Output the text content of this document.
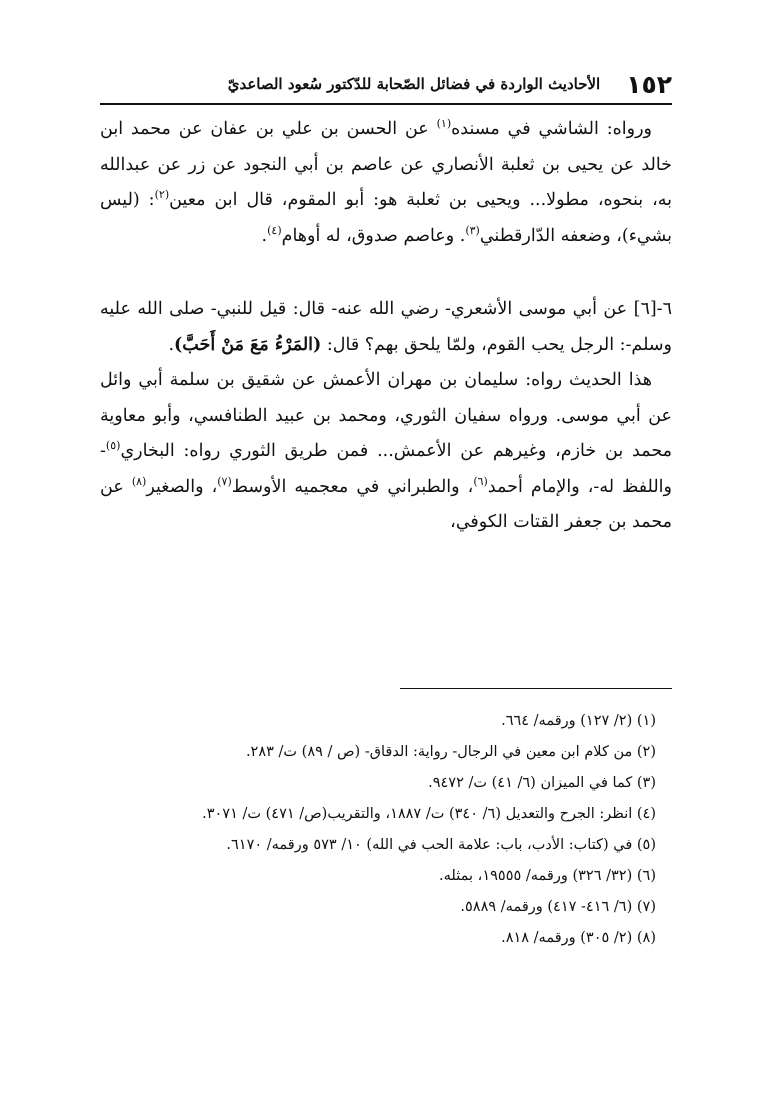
١٥٢
الأحاديث الواردة في فضائل الصّحابة للدّكتور سُعود الصاعديّ

ورواه: الشاشي في مسنده$^{(١)}$ عن الحسن بن علي بن عفان عن محمد ابن خالد عن يحيى بن ثعلبة الأنصاري عن عاصم بن أبي النجود عن زر عن عبدالله به، بنحوه، مطولا... ويحيى بن ثعلبة هو: أبو المقوم، قال ابن معين$^{(٢)}$: (ليس بشيء)، وضعفه الدّارقطني$^{(٣)}$. وعاصم صدوق، له أوهام$^{(٤)}$.

٦-[٦] عن أبي موسى الأشعري- رضي الله عنه- قال: قيل للنبي- صلى الله عليه وسلم-: الرجل يحب القوم، ولمّا يلحق بهم؟ قال: (المَرْءُ مَعَ مَنْ أَحَبَّ).

هذا الحديث رواه: سليمان بن مهران الأعمش عن شقيق بن سلمة أبي وائل عن أبي موسى. ورواه سفيان الثوري، ومحمد بن عبيد الطنافسي، وأبو معاوية محمد بن خازم، وغيرهم عن الأعمش... فمن طريق الثوري رواه: البخاري$^{(٥)}$-واللفظ له-، والإمام أحمد$^{(٦)}$، والطبراني في معجميه الأوسط$^{(٧)}$، والصغير$^{(٨)}$ عن محمد بن جعفر القتات الكوفي،

(١) (٢/ ١٢٧) ورقمه/ ٦٦٤.
(٢) من كلام ابن معين في الرجال- رواية: الدقاق- (ص / ٨٩) ت/ ٢٨٣.
(٣) كما في الميزان (٦/ ٤١) ت/ ٩٤٧٢.
(٤) انظر: الجرح والتعديل (٦/ ٣٤٠) ت/ ١٨٨٧، والتقريب(ص/ ٤٧١) ت/ ٣٠٧١.
(٥) في (كتاب: الأدب، باب: علامة الحب في الله) ١٠/ ٥٧٣ ورقمه/ ٦١٧٠.
(٦) (٣٢/ ٣٢٦) ورقمه/ ١٩٥٥٥، بمثله.
(٧) (٦/ ٤١٦- ٤١٧) ورقمه/ ٥٨٨٩.
(٨) (٢/ ٣٠٥) ورقمه/ ٨١٨.
